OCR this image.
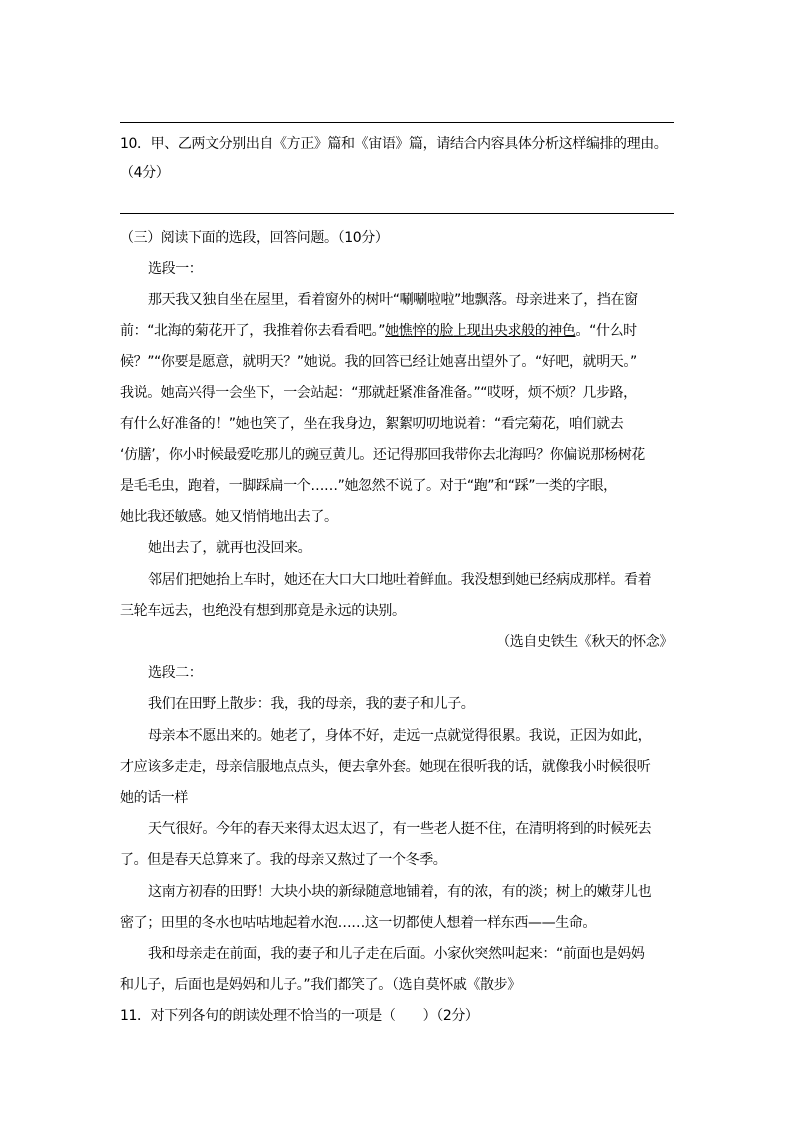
10．甲、乙两文分别出自《方正》篇和《宙语》篇，请结合内容具体分析这样编排的理由。
（4分）
（三）阅读下面的选段，回答问题。（10分）
选段一：
那天我又独自坐在屋里，看着窗外的树叶“唰唰啦啦”地飘落。母亲进来了，挡在窗
前：“北海的菊花开了，我推着你去看看吧。”她憔悴的脸上现出央求般的神色。“什么时
候？”“你要是愿意，就明天？”她说。我的回答已经让她喜出望外了。“好吧，就明天。”
我说。她高兴得一会坐下，一会站起：“那就赶紧准备准备。”“哎呀，烦不烦？几步路，
有什么好准备的！”她也笑了，坐在我身边，絮絮叨叨地说着：“看完菊花，咱们就去
‘仿膳’，你小时候最爱吃那儿的豌豆黄儿。还记得那回我带你去北海吗？你偏说那杨树花
是毛毛虫，跑着，一脚踩扁一个……”她忽然不说了。对于“跑”和“踩”一类的字眼，
她比我还敏感。她又悄悄地出去了。
她出去了，就再也没回来。
邻居们把她抬上车时，她还在大口大口地吐着鲜血。我没想到她已经病成那样。看着
三轮车远去，也绝没有想到那竟是永远的诀别。
（选自史铁生《秋天的怀念》
选段二：
我们在田野上散步：我，我的母亲，我的妻子和儿子。
母亲本不愿出来的。她老了，身体不好，走远一点就觉得很累。我说，正因为如此，
才应该多走走，母亲信服地点点头，便去拿外套。她现在很听我的话，就像我小时候很听
她的话一样
天气很好。今年的春天来得太迟太迟了，有一些老人挺不住，在清明将到的时候死去
了。但是春天总算来了。我的母亲又熬过了一个冬季。
这南方初春的田野！大块小块的新绿随意地铺着，有的浓，有的淡；树上的嫩芽儿也
密了；田里的冬水也咕咕地起着水泡……这一切都使人想着一样东西——生命。
我和母亲走在前面，我的妻子和儿子走在后面。小家伙突然叫起来：“前面也是妈妈
和儿子，后面也是妈妈和儿子。”我们都笑了。（选自莫怀戚《散步》
11．对下列各句的朗读处理不恰当的一项是（　　）（2分）
